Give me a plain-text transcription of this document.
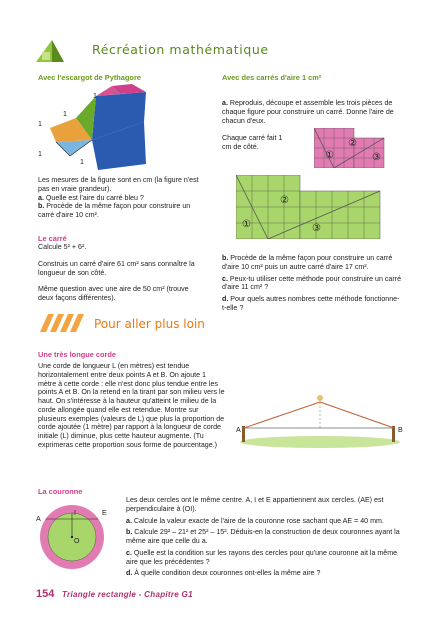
Récréation mathématique
Avec l'escargot de Pythagore
1
1
1
1
1

Les mesures de la figure sont en cm (la figure n'est pas en vraie grandeur).

a. Quelle est l'aire du carré bleu ?

b. Procède de la même façon pour construire un carré d'aire 10 cm².

Le carré

Calcule 5² + 6².

Construis un carré d'aire 61 cm² sans connaître la longueur de son côté.

Même question avec une aire de 50 cm² (trouve deux façons différentes).

Avec des carrés d'aire 1 cm²

a. Reproduis, découpe et assemble les trois pièces de chaque figure pour construire un carré. Donne l'aire de chacun d'eux.

Chaque carré fait 1 cm de côté.
①
②
③
①
②
③

b. Procède de la même façon pour construire un carré d'aire 10 cm² puis un autre carré d'aire 17 cm².

c. Peux-tu utiliser cette méthode pour construire un carré d'aire 11 cm² ?

d. Pour quels autres nombres cette méthode fonctionne-t-elle ?

Pour aller plus loin
Une très longue corde
Une corde de longueur L (en mètres) est tendue horizontalement entre deux points A et B. On ajoute 1 mètre à cette corde : elle n'est donc plus tendue entre les points A et B. On la retend en la tirant par son milieu vers le haut. On s'intéresse à la hauteur qu'atteint le milieu de la corde allongée quand elle est retendue. Montre sur plusieurs exemples (valeurs de L) que plus la proportion de corde ajoutée (1 mètre) par rapport à la longueur de corde initiale (L) diminue, plus cette hauteur augmente. (Tu exprimeras cette proportion sous forme de pourcentage.)
A	B
La couronne
A
E
I
O

Les deux cercles ont le même centre. A, I et E appartiennent aux cercles. (AE) est perpendiculaire à (OI).

a. Calcule la valeur exacte de l'aire de la couronne rose sachant que AE = 40 mm.

b. Calcule 29² – 21² et 25² – 15². Déduis-en la construction de deux couronnes ayant la même aire que celle du a.

c. Quelle est la condition sur les rayons des cercles pour qu'une couronne ait la même aire que les précédentes ?

d. À quelle condition deux couronnes ont-elles la même aire ?

154 Triangle rectangle - Chapitre G1
